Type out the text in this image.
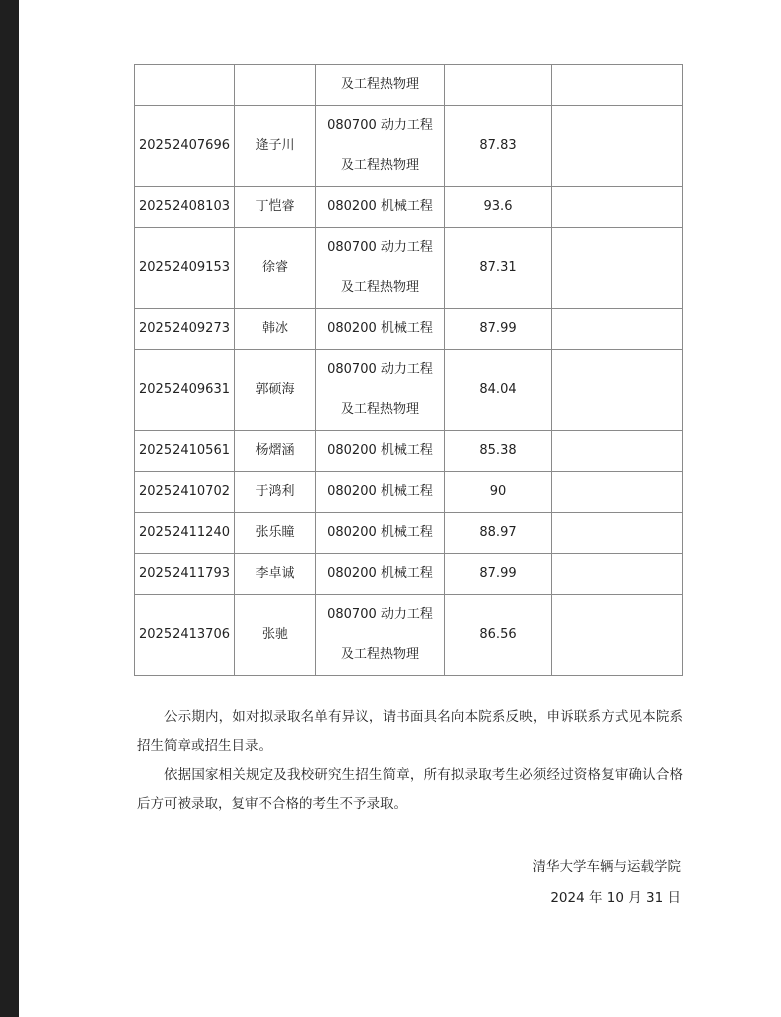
		及工程热物理		

20252407696	逄子川	080700 动力工程
及工程热物理	87.83	
20252408103	丁恺睿	080200 机械工程	93.6	
20252409153	徐睿	080700 动力工程
及工程热物理	87.31	
20252409273	韩冰	080200 机械工程	87.99	
20252409631	郭硕海	080700 动力工程
及工程热物理	84.04	
20252410561	杨熠涵	080200 机械工程	85.38	
20252410702	于鸿利	080200 机械工程	90	
20252411240	张乐瞳	080200 机械工程	88.97	
20252411793	李卓诚	080200 机械工程	87.99	
20252413706	张驰	080700 动力工程
及工程热物理	86.56	

公示期内，如对拟录取名单有异议，请书面具名向本院系反映，申诉联系方式见本院系招生简章或招生目录。

依据国家相关规定及我校研究生招生简章，所有拟录取考生必须经过资格复审确认合格后方可被录取，复审不合格的考生不予录取。

清华大学车辆与运载学院
2024 年 10 月 31 日
